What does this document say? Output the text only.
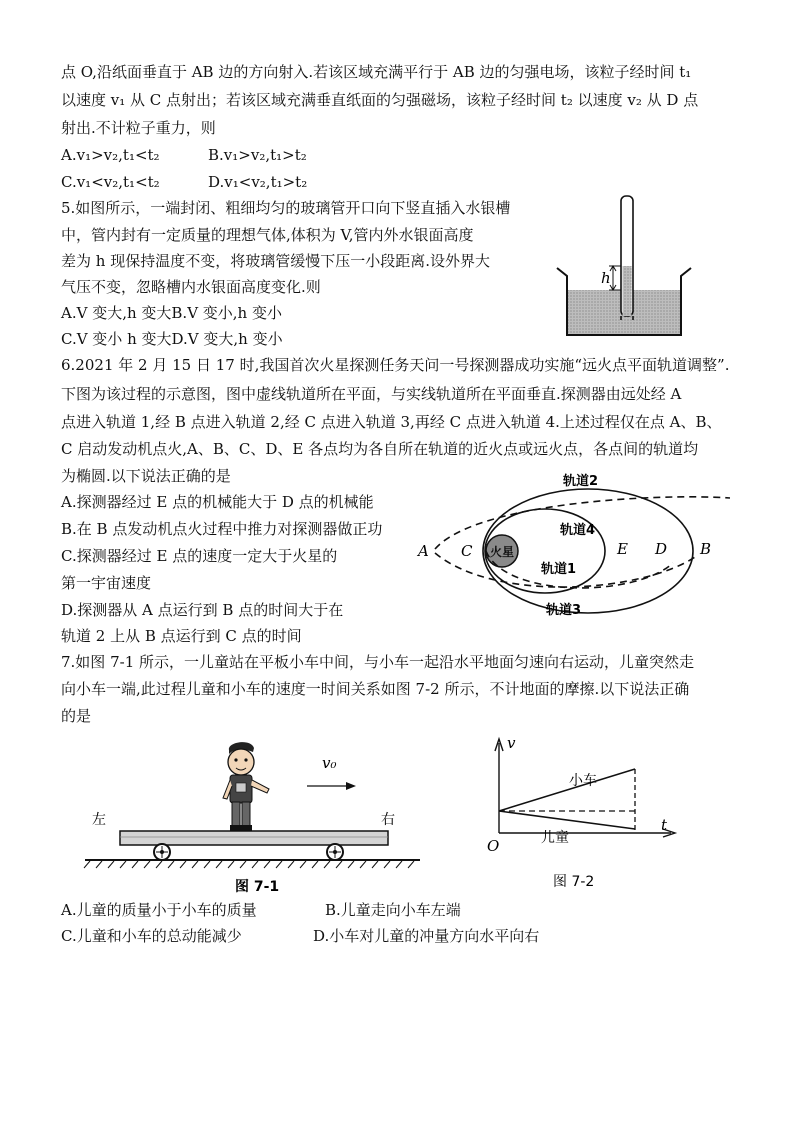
点 O,沿纸面垂直于 AB 边的方向射入.若该区域充满平行于 AB 边的匀强电场，该粒子经时间 t₁
以速度 v₁ 从 C 点射出；若该区域充满垂直纸面的匀强磁场，该粒子经时间 t₂ 以速度 v₂ 从 D 点
射出.不计粒子重力，则
A.v₁>v₂,t₁<t₂	B.v₁>v₂,t₁>t₂
C.v₁<v₂,t₁<t₂	D.v₁<v₂,t₁>t₂
5.如图所示，一端封闭、粗细均匀的玻璃管开口向下竖直插入水银槽
中，管内封有一定质量的理想气体,体积为 V,管内外水银面高度
差为 h 现保持温度不变，将玻璃管缓慢下压一小段距离.设外界大
气压不变，忽略槽内水银面高度变化.则
A.V 变大,h 变大B.V 变小,h 变小
C.V 变小 h 变大D.V 变大,h 变小
h
6.2021 年 2 月 15 日 17 时,我国首次火星探测任务天问一号探测器成功实施“远火点平面轨道调整”.
下图为该过程的示意图，图中虚线轨道所在平面，与实线轨道所在平面垂直.探测器由远处经 A
点进入轨道 1,经 B 点进入轨道 2,经 C 点进入轨道 3,再经 C 点进入轨道 4.上述过程仅在点 A、B、
C 启动发动机点火,A、B、C、D、E 各点均为各自所在轨道的近火点或远火点，各点间的轨道均
为椭圆.以下说法正确的是
A.探测器经过 E 点的机械能大于 D 点的机械能
B.在 B 点发动机点火过程中推力对探测器做正功
C.探测器经过 E 点的速度一定大于火星的
第一宇宙速度
D.探测器从 A 点运行到 B 点的时间大于在
轨道 2 上从 B 点运行到 C 点的时间
火星
轨道2
轨道4
轨道1
轨道3
A C	E D B
7.如图 7-1 所示，一儿童站在平板小车中间，与小车一起沿水平地面匀速向右运动，儿童突然走
向小车一端,此过程儿童和小车的速度一时间关系如图 7-2 所示，不计地面的摩擦.以下说法正确
的是
v₀
左	右
图 7-1
v
t
O
小车
儿童
图 7-2
A.儿童的质量小于小车的质量	B.儿童走向小车左端
C.儿童和小车的总动能减少	D.小车对儿童的冲量方向水平向右
